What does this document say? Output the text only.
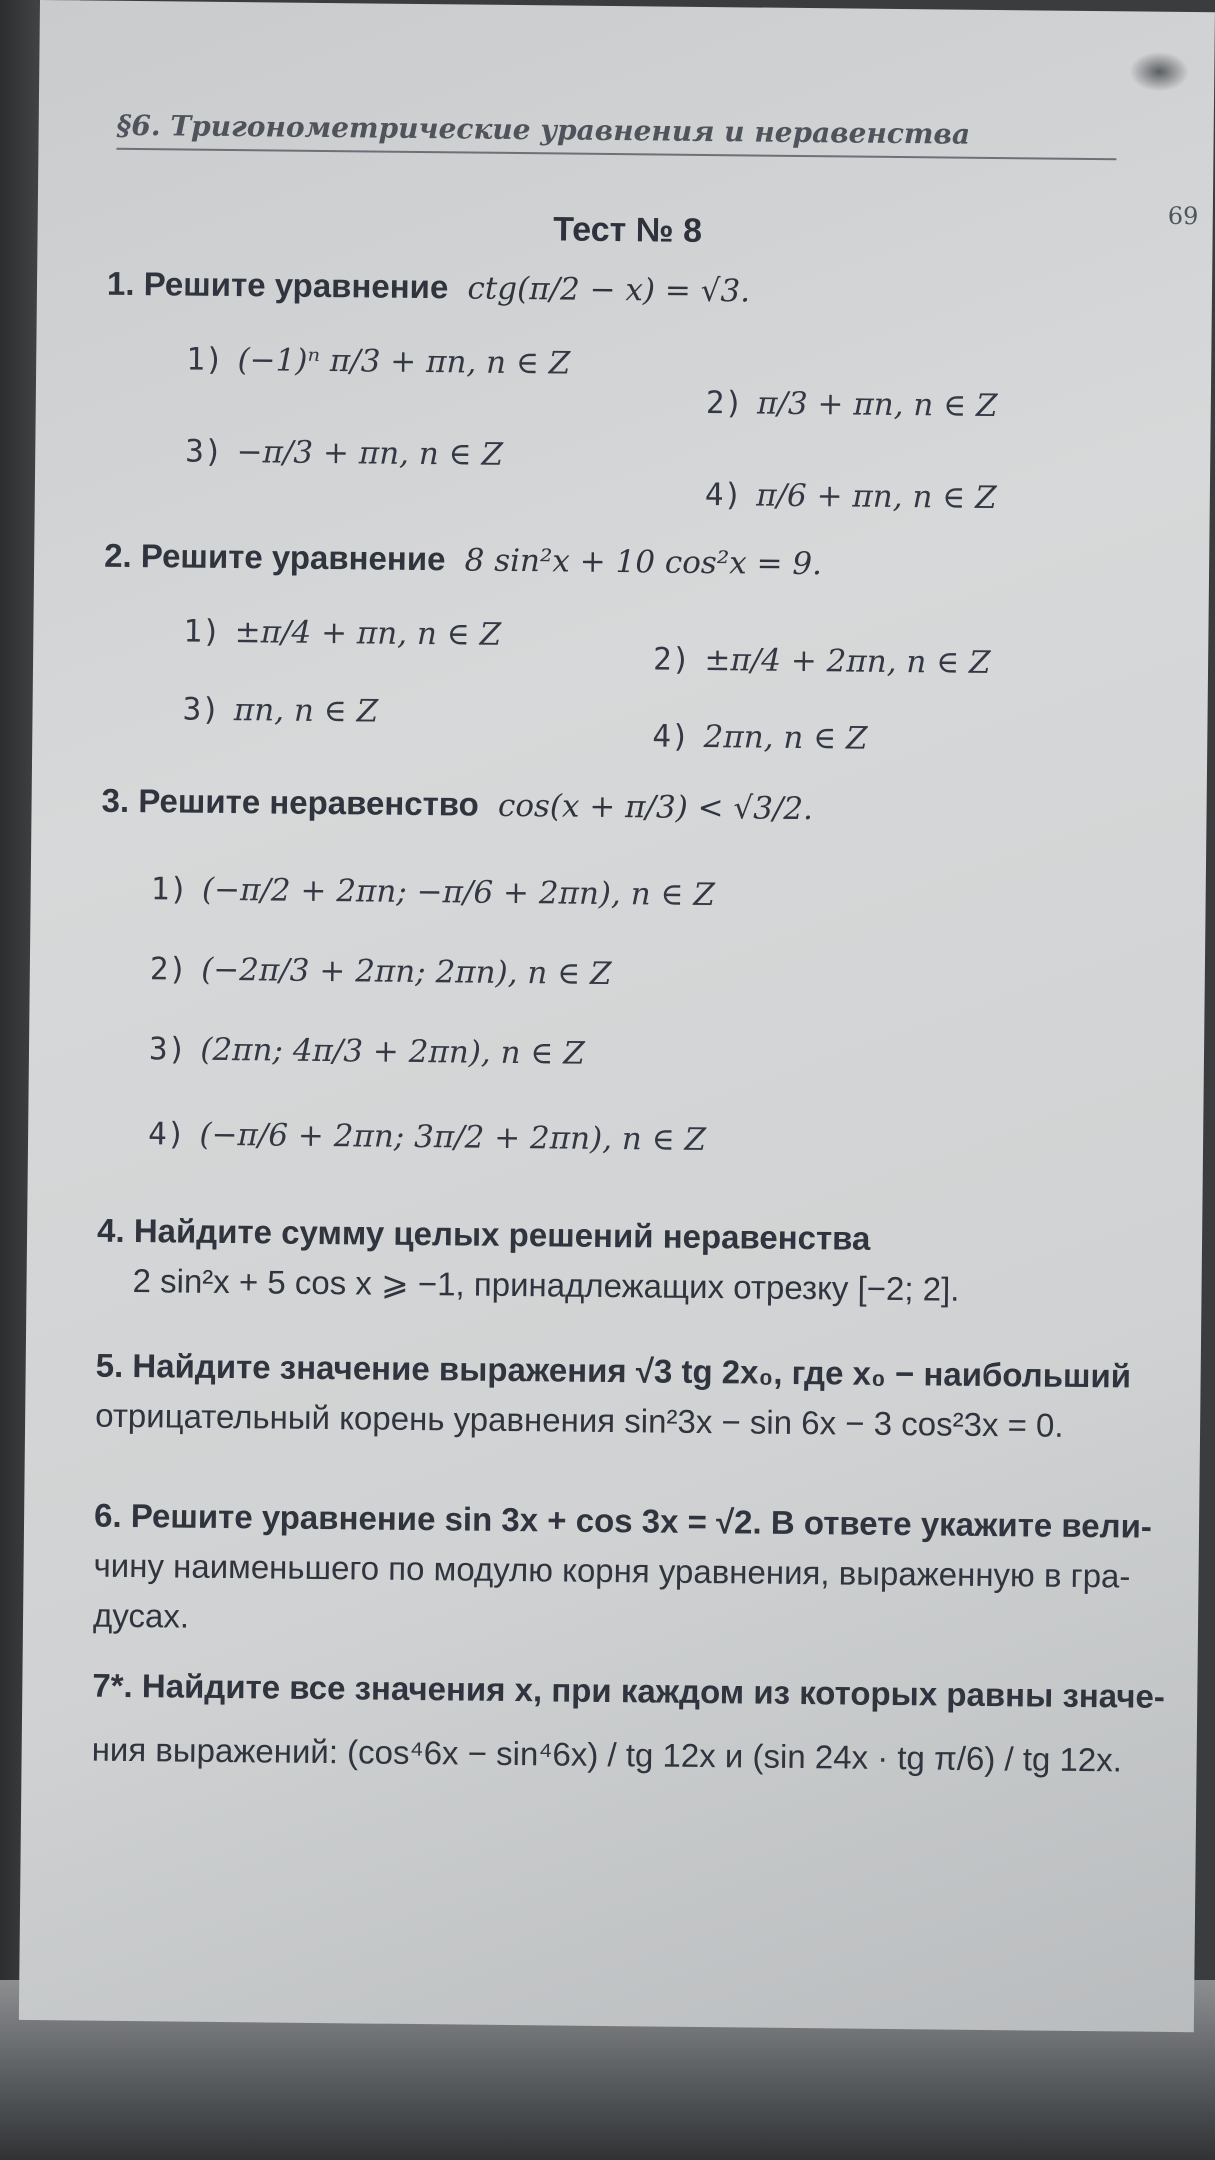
§6. Тригонометрические уравнения и неравенства
69
Тест № 8
1. Решите уравнение ctg(π/2 − x) = √3.
1) (−1)ⁿ π/3 + πn, n ∈ Z
2) π/3 + πn, n ∈ Z
3) −π/3 + πn, n ∈ Z
4) π/6 + πn, n ∈ Z
2. Решите уравнение 8 sin²x + 10 cos²x = 9.
1) ±π/4 + πn, n ∈ Z
2) ±π/4 + 2πn, n ∈ Z
3) πn, n ∈ Z
4) 2πn, n ∈ Z
3. Решите неравенство cos(x + π/3) < √3/2.
1) (−π/2 + 2πn; −π/6 + 2πn), n ∈ Z
2) (−2π/3 + 2πn; 2πn), n ∈ Z
3) (2πn; 4π/3 + 2πn), n ∈ Z
4) (−π/6 + 2πn; 3π/2 + 2πn), n ∈ Z
4. Найдите сумму целых решений неравенства
2 sin²x + 5 cos x ⩾ −1, принадлежащих отрезку [−2; 2].
5. Найдите значение выражения √3 tg 2x₀, где x₀ − наибольший
отрицательный корень уравнения sin²3x − sin 6x − 3 cos²3x = 0.
6. Решите уравнение sin 3x + cos 3x = √2. В ответе укажите вели-
чину наименьшего по модулю корня уравнения, выраженную в гра-
дусах.
7*. Найдите все значения x, при каждом из которых равны значе-
ния выражений: (cos⁴6x − sin⁴6x) / tg 12x и (sin 24x · tg π/6) / tg 12x.
